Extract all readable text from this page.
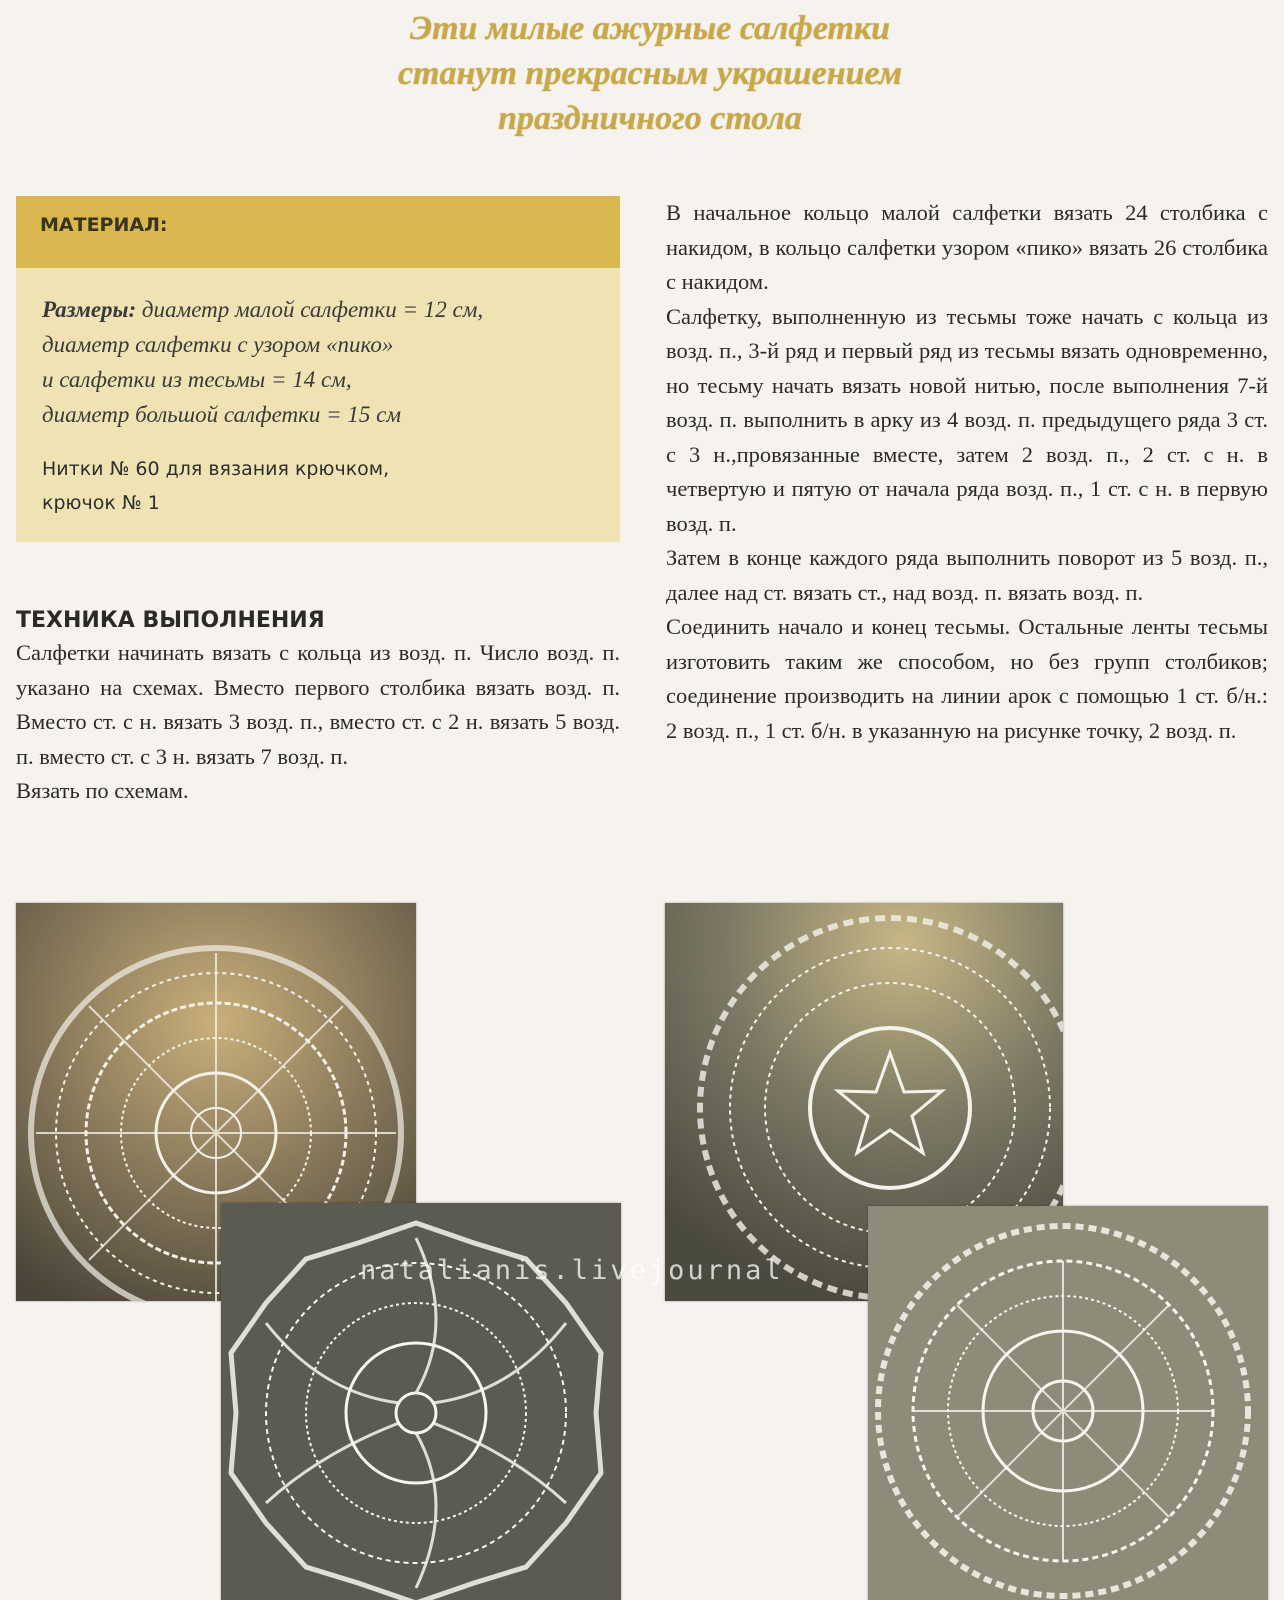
Эти милые ажурные салфетки
станут прекрасным украшением
праздничного стола
МАТЕРИАЛ:
Размеры: диаметр малой салфетки = 12 см,
диаметр салфетки с узором «пико»
и салфетки из тесьмы = 14 см,
диаметр большой салфетки = 15 см
Нитки № 60 для вязания крючком,
крючок № 1
ТЕХНИКА ВЫПОЛНЕНИЯ

Салфетки начинать вязать с кольца из возд. п. Число возд. п. указано на схемах. Вместо первого столбика вязать возд. п. Вместо ст. с н. вязать 3 возд. п., вместо ст. с 2 н. вязать 5 возд. п. вместо ст. с 3 н. вязать 7 возд. п.

Вязать по схемам.

В начальное кольцо малой салфетки вязать 24 столбика с накидом, в кольцо салфетки узором «пико» вязать 26 столбика с накидом.

Салфетку, выполненную из тесьмы тоже начать с кольца из возд. п., 3-й ряд и первый ряд из тесьмы вязать одновременно, но тесьму начать вязать новой нитью, после выполнения 7-й возд. п. выполнить в арку из 4 возд. п. предыдущего ряда 3 ст. с 3 н.,провязанные вместе, затем 2 возд. п., 2 ст. с н. в четвертую и пятую от начала ряда возд. п., 1 ст. с н. в первую возд. п.

Затем в конце каждого ряда выполнить поворот из 5 возд. п., далее над ст. вязать ст., над возд. п. вязать возд. п.

Соединить начало и конец тесьмы. Остальные ленты тесьмы изготовить таким же способом, но без групп столбиков; соединение производить на линии арок с помощью 1 ст. б/н.: 2 возд. п., 1 ст. б/н. в указанную на рисунке точку, 2 возд. п.

natalianis.livejournal
